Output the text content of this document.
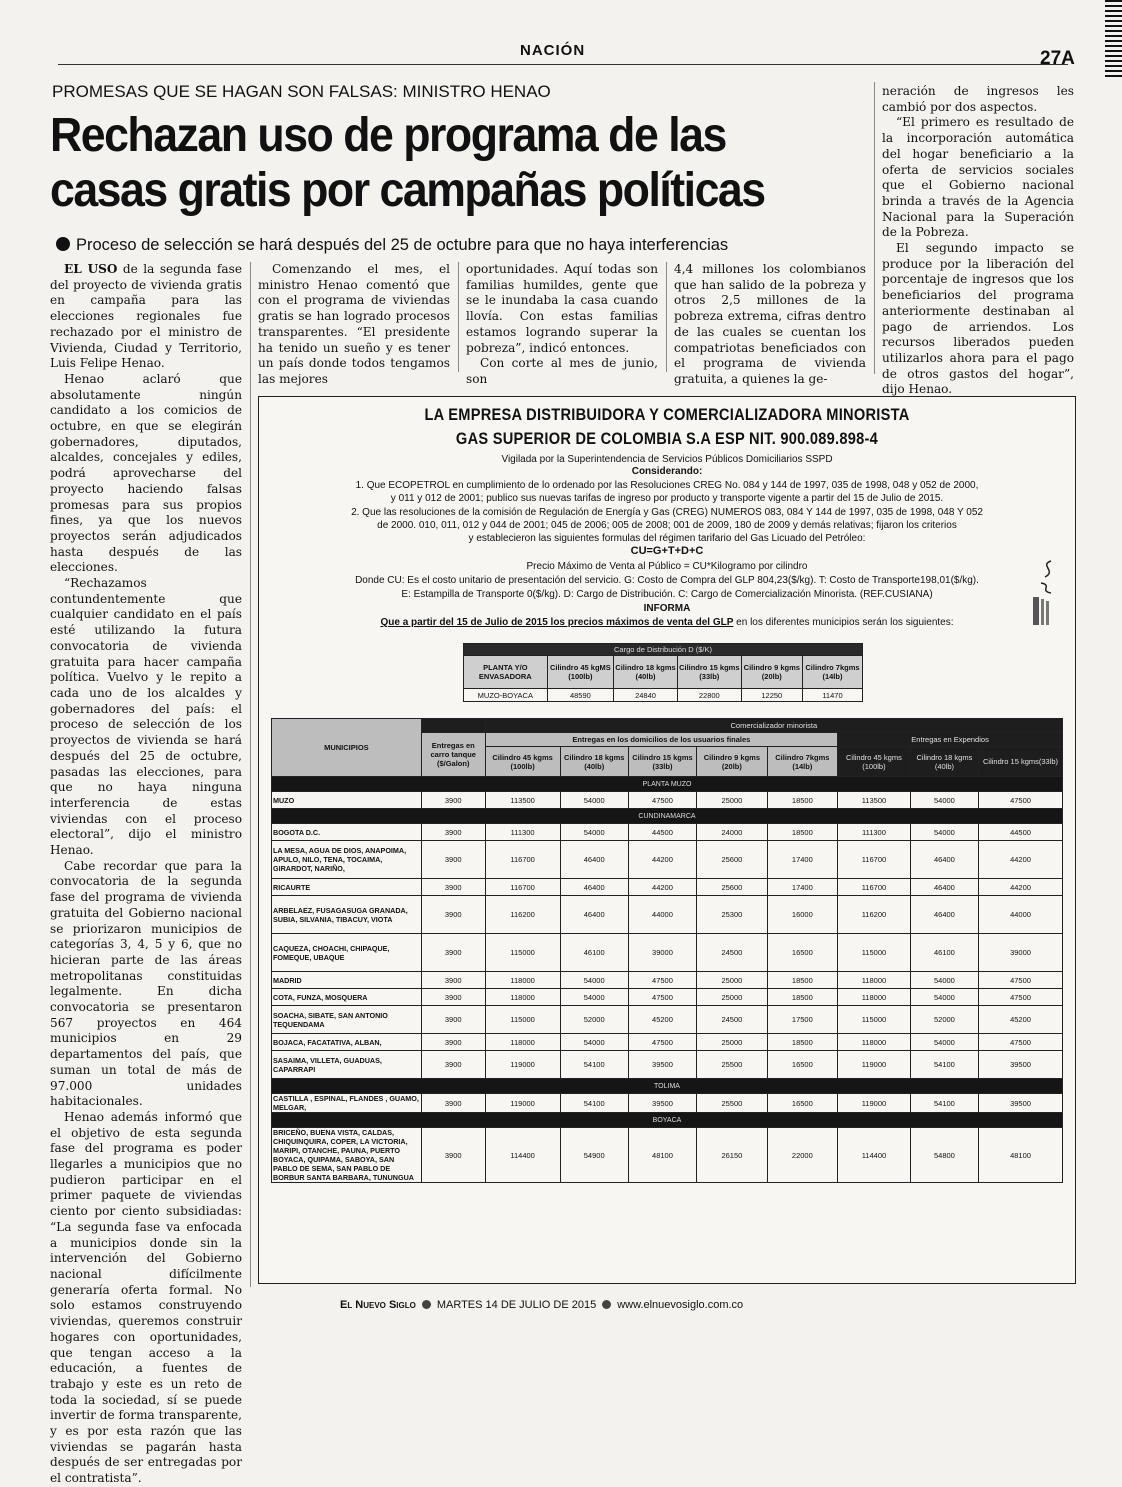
NACIÓN	27A
PROMESAS QUE SE HAGAN SON FALSAS: MINISTRO HENAO
Rechazan uso de programa de las casas gratis por campañas políticas
Proceso de selección se hará después del 25 de octubre para que no haya interferencias

EL USO de la segunda fase del proyecto de vivienda gratis en campaña para las elecciones regionales fue rechazado por el ministro de Vivienda, Ciudad y Territorio, Luis Felipe Henao.

Henao aclaró que absolutamente ningún candidato a los comicios de octubre, en que se elegirán gobernadores, diputados, alcaldes, concejales y ediles, podrá aprovecharse del proyecto haciendo falsas promesas para sus propios fines, ya que los nuevos proyectos serán adjudicados hasta después de las elecciones.

“Rechazamos contundentemente que cualquier candidato en el país esté utilizando la futura convocatoria de vivienda gratuita para hacer campaña política. Vuelvo y le repito a cada uno de los alcaldes y gobernadores del país: el proceso de selección de los proyectos de vivienda se hará después del 25 de octubre, pasadas las elecciones, para que no haya ninguna interferencia de estas viviendas con el proceso electoral”, dijo el ministro Henao.

Cabe recordar que para la convocatoria de la segunda fase del programa de vivienda gratuita del Gobierno nacional se priorizaron municipios de categorías 3, 4, 5 y 6, que no hicieran parte de las áreas metropolitanas constituidas legalmente. En dicha convocatoria se presentaron 567 proyectos en 464 municipios en 29 departamentos del país, que suman un total de más de 97.000 unidades habitacionales.

Henao además informó que el objetivo de esta segunda fase del programa es poder llegarles a municipios que no pudieron participar en el primer paquete de viviendas ciento por ciento subsidiadas: “La segunda fase va enfocada a municipios donde sin la intervención del Gobierno nacional difícilmente generaría oferta formal. No solo estamos construyendo viviendas, queremos construir hogares con oportunidades, que tengan acceso a la educación, a fuentes de trabajo y este es un reto de toda la sociedad, sí se puede invertir de forma transparente, y es por esta razón que las viviendas se pagarán hasta después de ser entregadas por el contratista”.

Comenzando el mes, el ministro Henao comentó que con el programa de viviendas gratis se han logrado procesos transparentes. “El presidente ha tenido un sueño y es tener un país donde todos tengamos las mejores

oportunidades. Aquí todas son familias humildes, gente que se le inundaba la casa cuando llovía. Con estas familias estamos logrando superar la pobreza”, indicó entonces.

Con corte al mes de junio, son

4,4 millones los colombianos que han salido de la pobreza y otros 2,5 millones de la pobreza extrema, cifras dentro de las cuales se cuentan los compatriotas beneficiados con el programa de vivienda gratuita, a quienes la ge-

neración de ingresos les cambió por dos aspectos.

“El primero es resultado de la incorporación automática del hogar beneficiario a la oferta de servicios sociales que el Gobierno nacional brinda a través de la Agencia Nacional para la Superación de la Pobreza.

El segundo impacto se produce por la liberación del porcentaje de ingresos que los beneficiarios del programa anteriormente destinaban al pago de arriendos. Los recursos liberados pueden utilizarlos ahora para el pago de otros gastos del hogar”, dijo Henao.

LA EMPRESA DISTRIBUIDORA Y COMERCIALIZADORA MINORISTA
GAS SUPERIOR DE COLOMBIA S.A ESP NIT. 900.089.898-4
Vigilada por la Superintendencia de Servicios Públicos Domiciliarios SSPD
Considerando:
1. Que ECOPETROL en cumplimiento de lo ordenado por las Resoluciones CREG No. 084 y 144 de 1997, 035 de 1998, 048 y 052 de 2000,
y 011 y 012 de 2001; publico sus nuevas tarifas de ingreso por producto y transporte vigente a partir del 15 de Julio de 2015.
2. Que las resoluciones de la comisión de Regulación de Energía y Gas (CREG) NUMEROS 083, 084 Y 144 de 1997, 035 de 1998, 048 Y 052
de 2000. 010, 011, 012 y 044 de 2001; 045 de 2006; 005 de 2008; 001 de 2009, 180 de 2009 y demás relativas; fijaron los criterios
y establecieron las siguientes formulas del régimen tarifario del Gas Licuado del Petróleo:
CU=G+T+D+C
Precio Máximo de Venta al Público = CU*Kilogramo por cilindro
Donde CU: Es el costo unitario de presentación del servicio. G: Costo de Compra del GLP 804,23($/kg). T: Costo de Transporte198,01($/kg).
E: Estampilla de Transporte 0($/kg). D: Cargo de Distribución. C: Cargo de Comercialización Minorista. (REF.CUSIANA)
INFORMA
Que a partir del 15 de Julio de 2015 los precios máximos de venta del GLP en los diferentes municipios serán los siguientes:
Cargo de Distribución D ($/K)					
PLANTA Y/O ENVASADORA	Cilindro 45 kgMS (100lb)	Cilindro 18 kgms (40lb)	Cilindro 15 kgms (33lb)	Cilindro 9 kgms (20lb)	Cilindro 7kgms (14lb)
MUZO-BOYACA	48590	24840	22800	12250	11470
MUNICIPIOS		Comercializador minorista							
	Entregas en carro tanque ($/Galon)	Entregas en los domicilios de los usuarios finales					Entregas en Expendios		
		Cilindro 45 kgms (100lb)	Cilindro 18 kgms (40lb)	Cilindro 15 kgms (33lb)	Cilindro 9 kgms (20lb)	Cilindro 7kgms (14lb)	Cilindro 45 kgms (100lb)	Cilindro 18 kgms (40lb)	Cilindro 15 kgms(33lb)
PLANTA MUZO									
MUZO	3900	113500	54000	47500	25000	18500	113500	54000	47500
CUNDINAMARCA									
BOGOTA D.C.	3900	111300	54000	44500	24000	18500	111300	54000	44500
LA MESA, AGUA DE DIOS, ANAPOIMA, APULO, NILO, TENA, TOCAIMA, GIRARDOT, NARIÑO,	3900	116700	46400	44200	25600	17400	116700	46400	44200
RICAURTE	3900	116700	46400	44200	25600	17400	116700	46400	44200
ARBELAEZ, FUSAGASUGA GRANADA, SUBIA, SILVANIA, TIBACUY, VIOTA	3900	116200	46400	44000	25300	16000	116200	46400	44000
CAQUEZA, CHOACHI, CHIPAQUE, FOMEQUE, UBAQUE	3900	115000	46100	39000	24500	16500	115000	46100	39000
MADRID	3900	118000	54000	47500	25000	18500	118000	54000	47500
COTA, FUNZA, MOSQUERA	3900	118000	54000	47500	25000	18500	118000	54000	47500
SOACHA, SIBATE, SAN ANTONIO TEQUENDAMA	3900	115000	52000	45200	24500	17500	115000	52000	45200
BOJACA, FACATATIVA, ALBAN,	3900	118000	54000	47500	25000	18500	118000	54000	47500
SASAIMA, VILLETA, GUADUAS, CAPARRAPI	3900	119000	54100	39500	25500	16500	119000	54100	39500
TOLIMA									
CASTILLA , ESPINAL, FLANDES , GUAMO, MELGAR,	3900	119000	54100	39500	25500	16500	119000	54100	39500
BOYACA									
BRICEÑO, BUENA VISTA, CALDAS, CHIQUINQUIRA, COPER, LA VICTORIA, MARIPI, OTANCHE, PAUNA, PUERTO BOYACA, QUIPAMA, SABOYA, SAN PABLO DE SEMA, SAN PABLO DE BORBUR SANTA BARBARA, TUNUNGUA	3900	114400	54900	48100	26150	22000	114400	54800	48100
El Nuevo Siglo MARTES 14 DE JULIO DE 2015 www.elnuevosiglo.com.co
